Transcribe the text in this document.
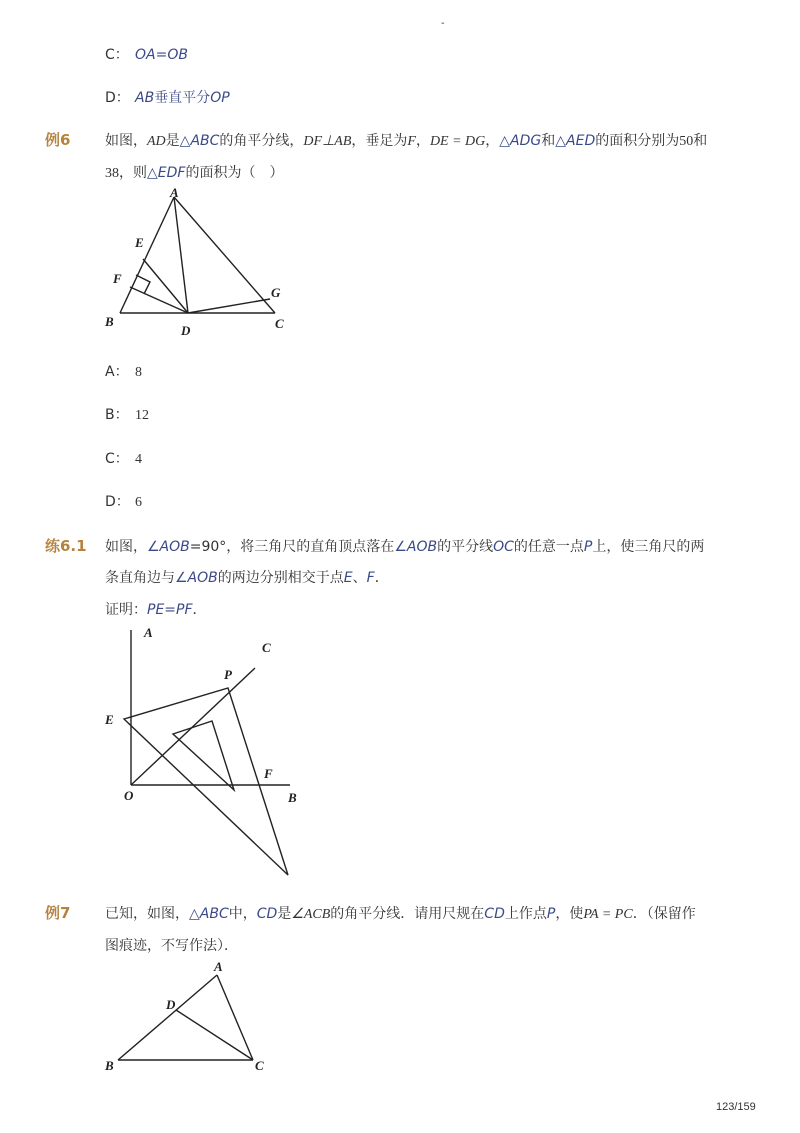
-
C： OA=OB
D： AB垂直平分OP
例6 如图，AD是△ABC的角平分线，DF⊥AB，垂足为F，DE = DG，△ADG和△AED的面积分别为50和
38，则△EDF的面积为（　）
A
E
F
G
B
D	C
A： 8
B： 12
C： 4
D： 6
练6.1 如图，∠AOB=90°，将三角尺的直角顶点落在∠AOB的平分线OC的任意一点P上，使三角尺的两
条直角边与∠AOB的两边分别相交于点E、F．
证明：PE=PF．
A
C
P
E
F
O	B
例7 已知，如图，△ABC中，CD是∠ACB的角平分线．请用尺规在CD上作点P，使PA = PC．（保留作
图痕迹，不写作法）．
A
D
B	C
123/159
